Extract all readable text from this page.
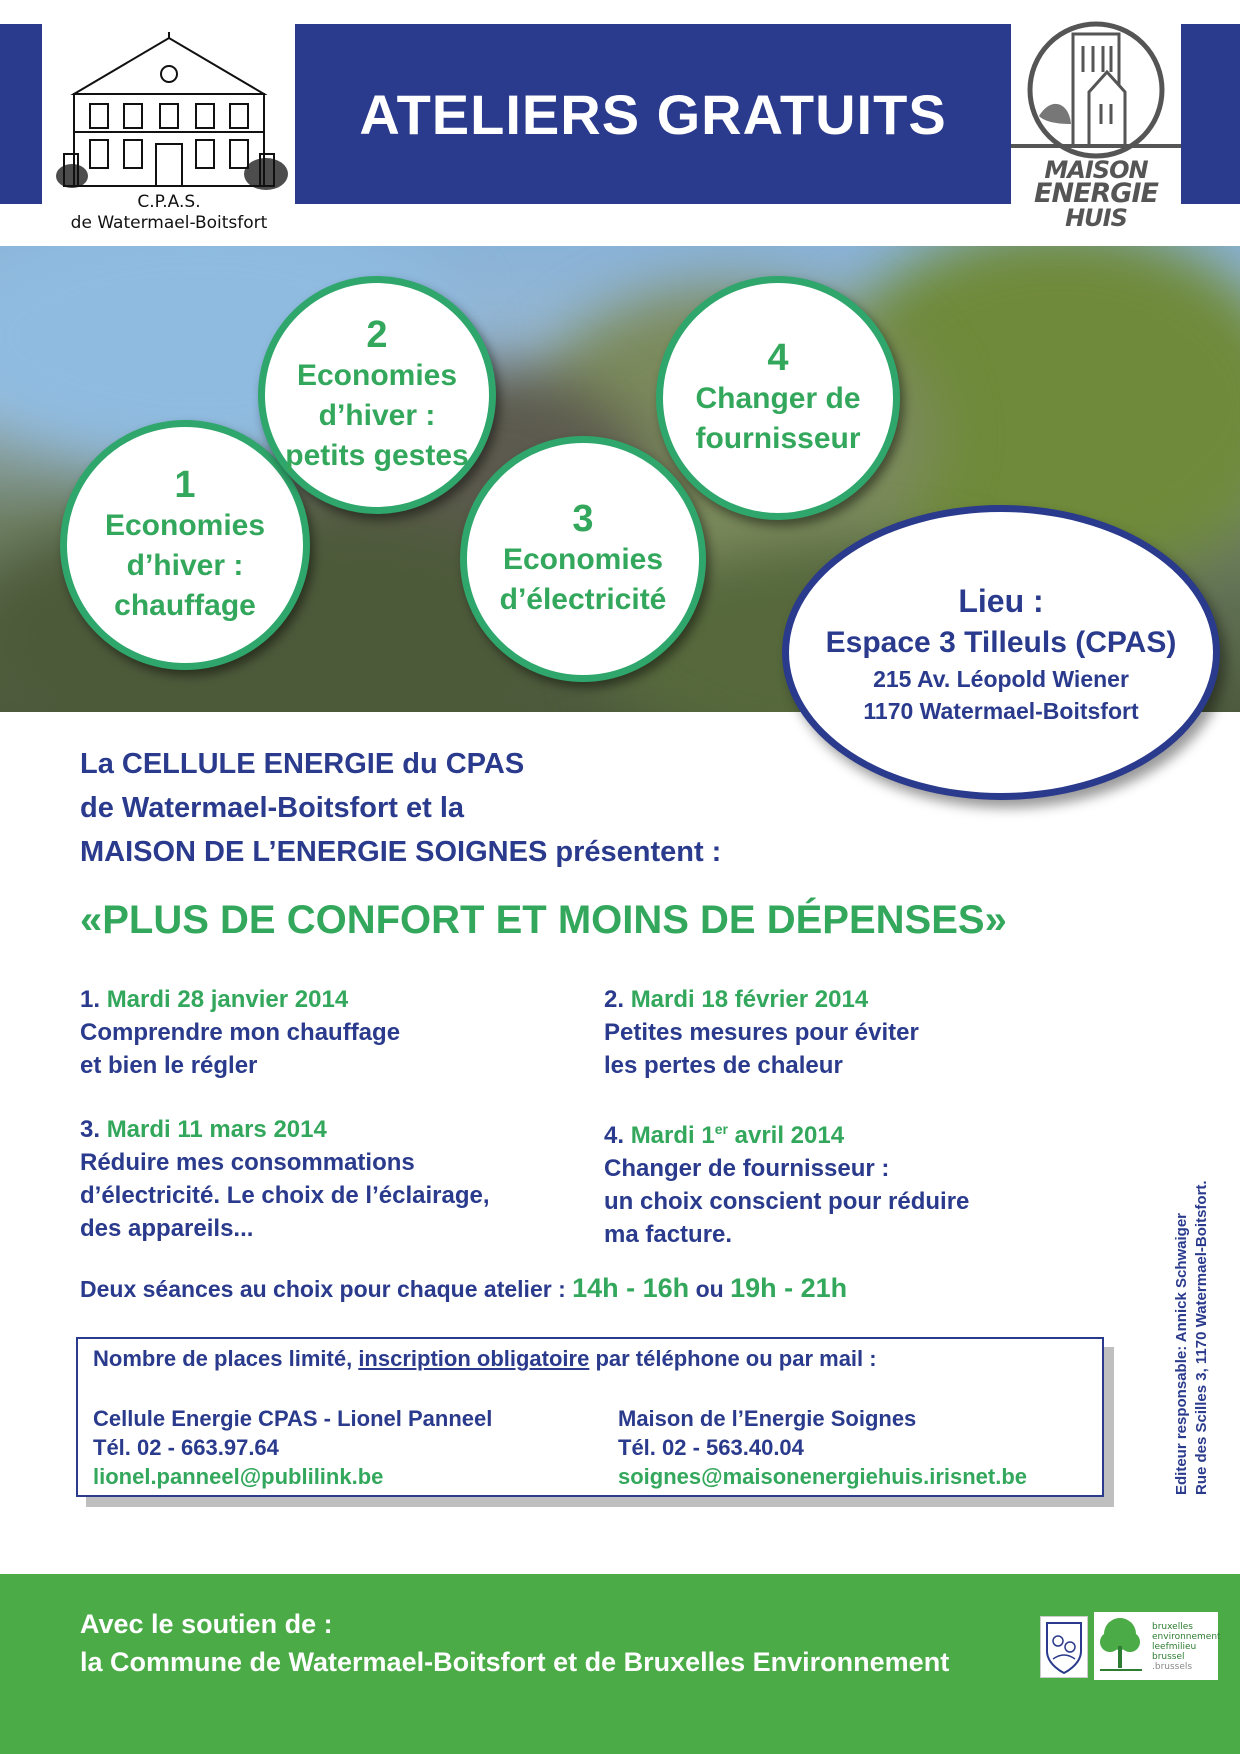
ATELIERS GRATUITS
C.P.A.S.
de Watermael-Boitsfort
MAISON
ENERGIE
HUIS
1
Economies
d’hiver :
chauffage
2
Economies
d’hiver :
petits gestes
3
Economies
d’électricité
4
Changer de
fournisseur
Lieu :
Espace 3 Tilleuls (CPAS)
215 Av. Léopold Wiener
1170 Watermael-Boitsfort
La CELLULE ENERGIE du CPAS
de Watermael-Boitsfort et la
MAISON DE L’ENERGIE SOIGNES présentent :
«PLUS DE CONFORT ET MOINS DE DÉPENSES»
1. Mardi 28 janvier 2014
Comprendre mon chauffage
et bien le régler
2. Mardi 18 février 2014
Petites mesures pour éviter
les pertes de chaleur
3. Mardi 11 mars 2014
Réduire mes consommations
d’électricité. Le choix de l’éclairage,
des appareils...
4. Mardi 1er avril 2014
Changer de fournisseur :
un choix conscient pour réduire
ma facture.
Deux séances au choix pour chaque atelier : 14h - 16h ou 19h - 21h
Nombre de places limité, inscription obligatoire par téléphone ou par mail :
Cellule Energie CPAS - Lionel Panneel
Tél. 02 - 663.97.64
lionel.panneel@publilink.be
Maison de l’Energie Soignes
Tél. 02 - 563.40.04
soignes@maisonenergiehuis.irisnet.be	Editeur responsable: Annick Schwaiger Rue des Scilles 3, 1170 Watermael-Boitsfort.
Avec le soutien de :
la Commune de Watermael-Boitsfort et de Bruxelles Environnement
bruxelles
environnement
leefmilieu
brussel
.brussels
